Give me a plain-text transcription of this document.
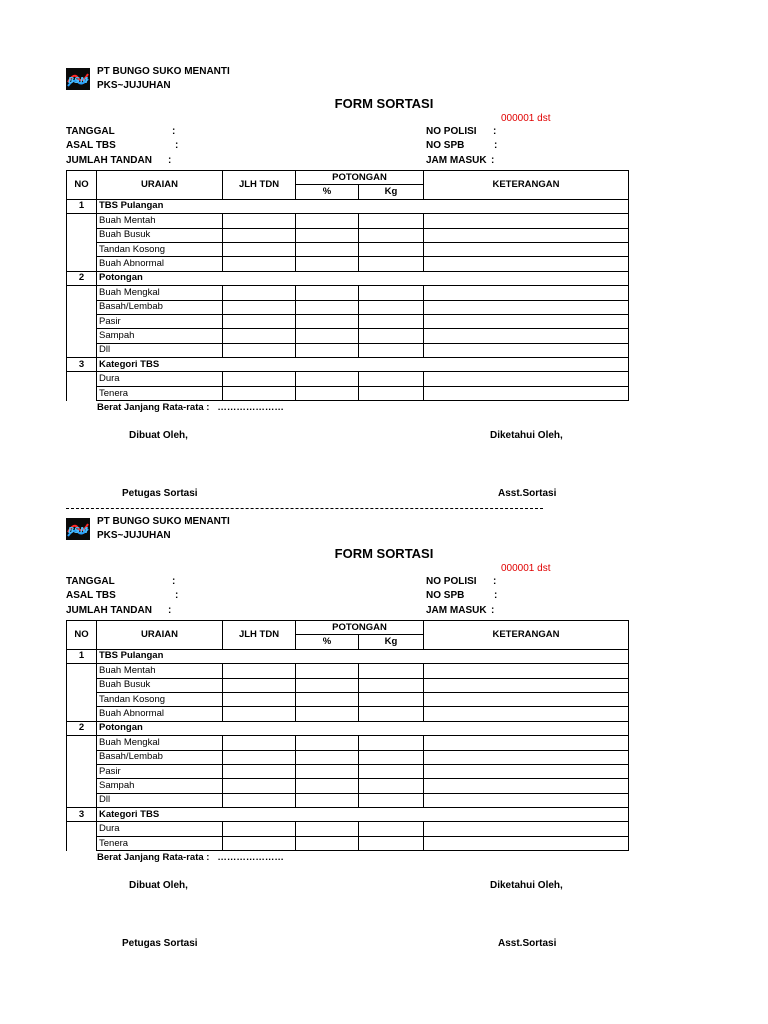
BSM
PT BUNGO SUKO MENANTI
PKS~JUJUHAN
FORM SORTASI
000001 dst
TANGGAL	:
ASAL TBS	:
JUMLAH TANDAN :
NO POLISI :
NO SPB	:
JAM MASUK :
NO	URAIAN	JLH TDN	POTONGAN		KETERANGAN
			%	Kg	
1	TBS Pulangan				
	Buah Mentah				
	Buah Busuk				
	Tandan Kosong				
	Buah Abnormal				
2	Potongan				
	Buah Mengkal				
	Basah/Lembab				
	Pasir				
	Sampah				
	Dll				
3	Kategori TBS				
	Dura				
	Tenera				
Berat Janjang Rata-rata : …………………
Dibuat Oleh,	Diketahui Oleh,
Petugas Sortasi	Asst.Sortasi
BSM
PT BUNGO SUKO MENANTI
PKS~JUJUHAN
FORM SORTASI
000001 dst
TANGGAL	:
ASAL TBS	:
JUMLAH TANDAN :
NO POLISI :
NO SPB	:
JAM MASUK :
NO	URAIAN	JLH TDN	POTONGAN		KETERANGAN
			%	Kg	
1	TBS Pulangan				
	Buah Mentah				
	Buah Busuk				
	Tandan Kosong				
	Buah Abnormal				
2	Potongan				
	Buah Mengkal				
	Basah/Lembab				
	Pasir				
	Sampah				
	Dll				
3	Kategori TBS				
	Dura				
	Tenera				
Berat Janjang Rata-rata : …………………
Dibuat Oleh,	Diketahui Oleh,
Petugas Sortasi	Asst.Sortasi
